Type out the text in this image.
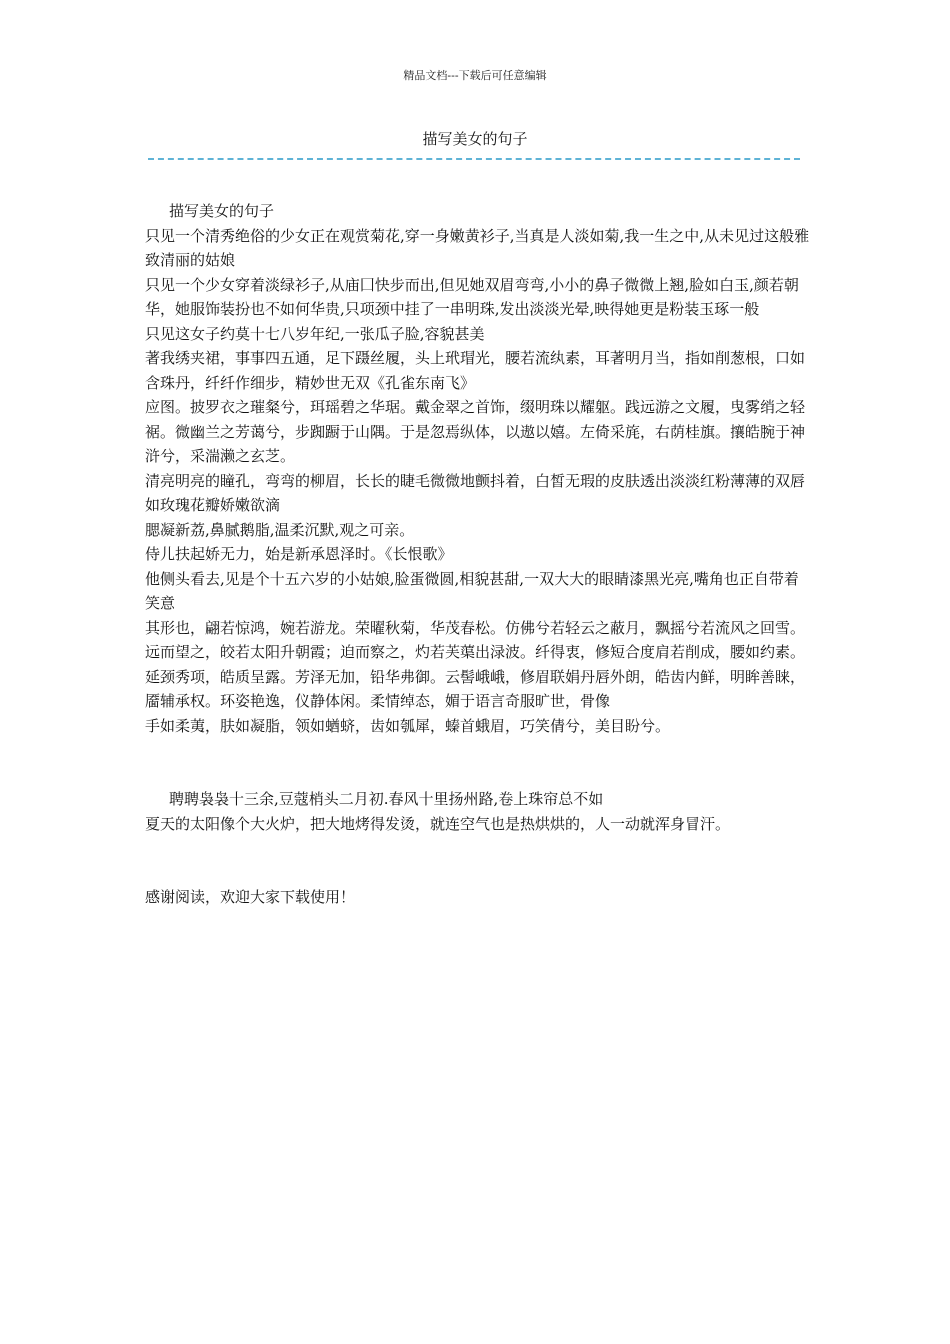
精品文档---下载后可任意编辑
描写美女的句子

描写美女的句子

只见一个清秀绝俗的少女正在观赏菊花,穿一身嫩黄衫子,当真是人淡如菊,我一生之中,从未见过这般雅致清丽的姑娘

只见一个少女穿着淡绿衫子,从庙囗快步而出,但见她双眉弯弯,小小的鼻子微微上翘,脸如白玉,颜若朝华，她服饰装扮也不如何华贵,只项颈中挂了一串明珠,发出淡淡光晕,映得她更是粉装玉琢一般

只见这女子约莫十七八岁年纪,一张瓜子脸,容貌甚美

著我绣夹裙，事事四五通，足下蹑丝履，头上玳瑁光，腰若流纨素，耳著明月当，指如削葱根，口如含珠丹，纤纤作细步，精妙世无双《孔雀东南飞》

应图。披罗衣之璀粲兮，珥瑶碧之华琚。戴金翠之首饰，缀明珠以耀躯。践远游之文履，曳雾绡之轻裾。微幽兰之芳蔼兮，步踟蹰于山隅。于是忽焉纵体，以遨以嬉。左倚采旄，右荫桂旗。攘皓腕于神浒兮，采湍濑之玄芝。

清亮明亮的瞳孔，弯弯的柳眉，长长的睫毛微微地颤抖着，白皙无瑕的皮肤透出淡淡红粉薄薄的双唇如玫瑰花瓣娇嫩欲滴

腮凝新荔,鼻腻鹅脂,温柔沉默,观之可亲。

侍儿扶起娇无力，始是新承恩泽时。《长恨歌》

他侧头看去,见是个十五六岁的小姑娘,脸蛋微圆,相貌甚甜,一双大大的眼睛漆黑光亮,嘴角也正自带着笑意

其形也，翩若惊鸿，婉若游龙。荣曜秋菊，华茂春松。仿佛兮若轻云之蔽月，飘摇兮若流风之回雪。远而望之，皎若太阳升朝霞；迫而察之，灼若芙蕖出渌波。纤得衷，修短合度肩若削成，腰如约素。延颈秀项，皓质呈露。芳泽无加，铅华弗御。云髻峨峨，修眉联娟丹唇外朗，皓齿内鲜，明眸善睐，靥辅承权。环姿艳逸，仪静体闲。柔情绰态，媚于语言奇服旷世，骨像

手如柔荑，肤如凝脂，领如蝤蛴，齿如瓠犀，螓首蛾眉，巧笑倩兮，美目盼兮。

聘聘袅袅十三余,豆蔻梢头二月初.春风十里扬州路,卷上珠帘总不如

夏天的太阳像个大火炉，把大地烤得发烫，就连空气也是热烘烘的，人一动就浑身冒汗。

感谢阅读，欢迎大家下载使用！
